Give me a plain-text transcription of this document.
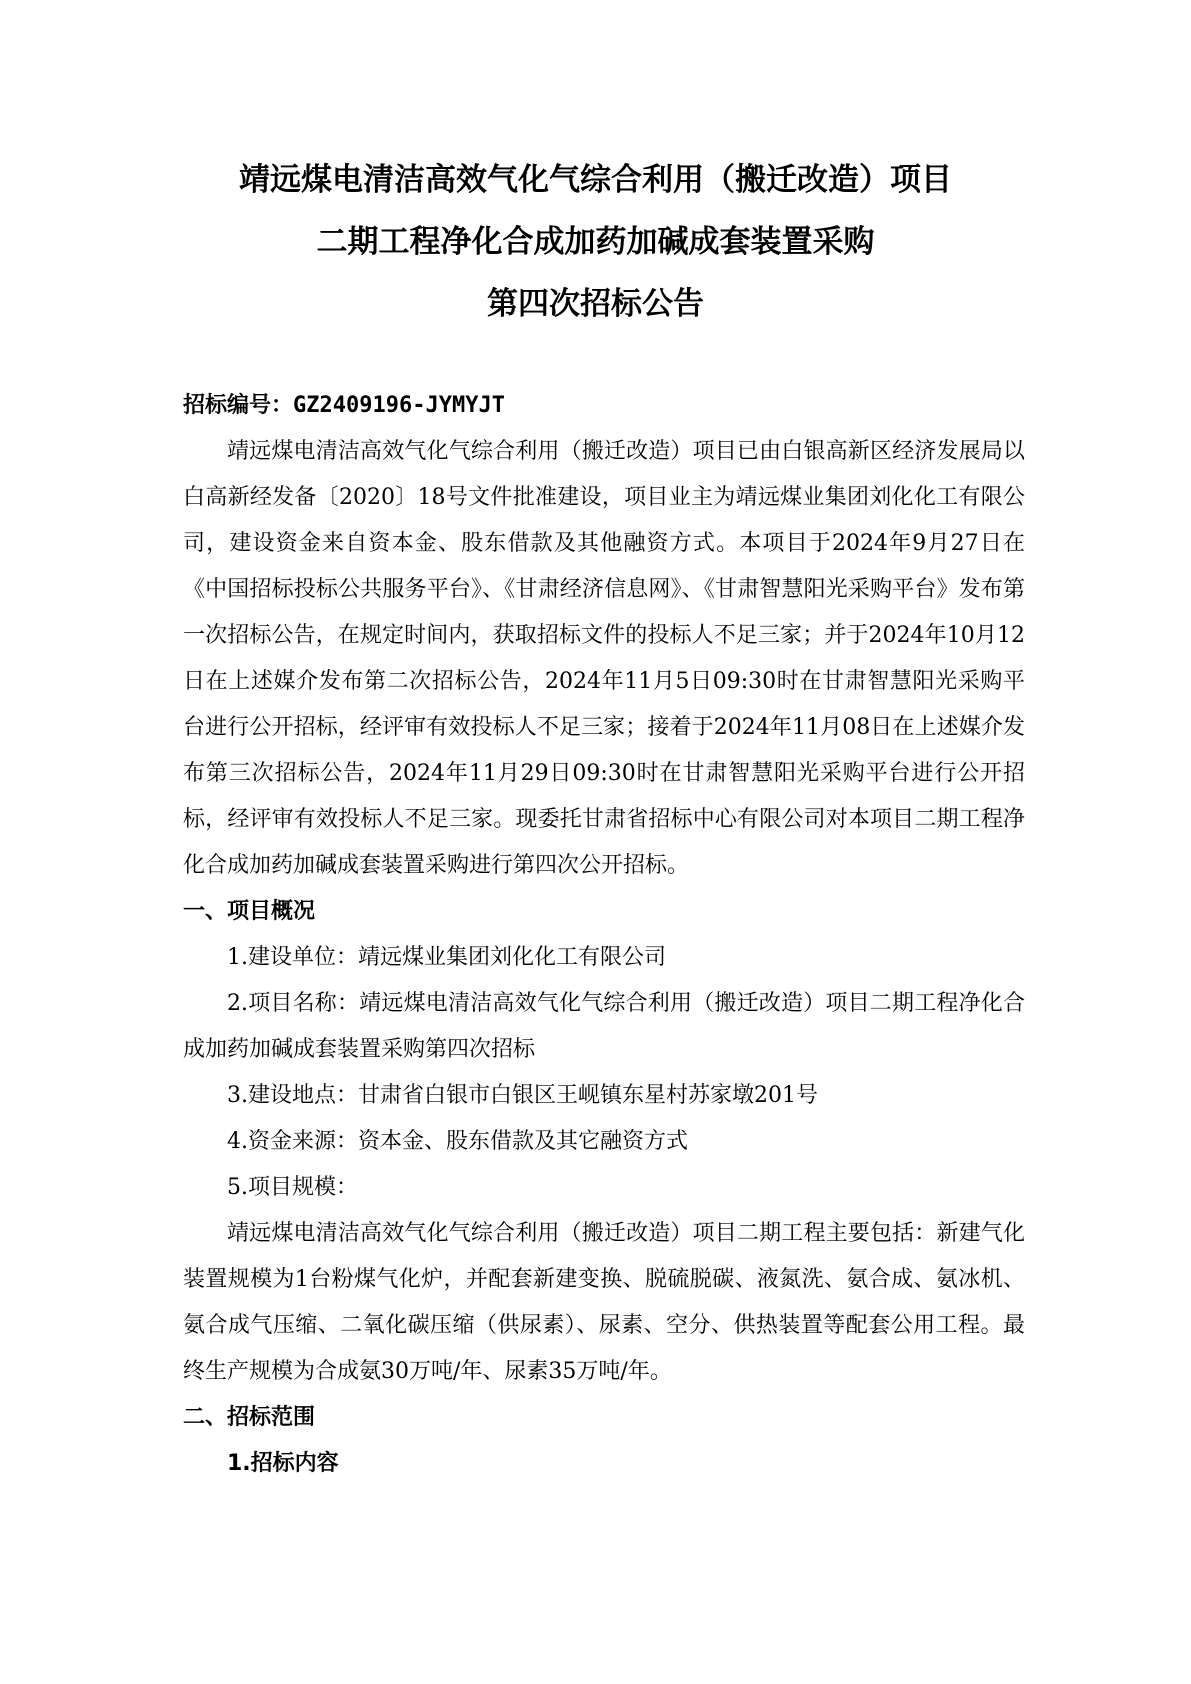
靖远煤电清洁高效气化气综合利用（搬迁改造）项目
二期工程净化合成加药加碱成套装置采购
第四次招标公告

招标编号：GZ2409196-JYMYJT

靖远煤电清洁高效气化气综合利用（搬迁改造）项目已由白银高新区经济发展局以白高新经发备〔2020〕18号文件批准建设，项目业主为靖远煤业集团刘化化工有限公司，建设资金来自资本金、股东借款及其他融资方式。本项目于2024年9月27日在《中国招标投标公共服务平台》、《甘肃经济信息网》、《甘肃智慧阳光采购平台》发布第一次招标公告，在规定时间内，获取招标文件的投标人不足三家；并于2024年10月12日在上述媒介发布第二次招标公告，2024年11月5日09:30时在甘肃智慧阳光采购平台进行公开招标，经评审有效投标人不足三家；接着于2024年11月08日在上述媒介发布第三次招标公告，2024年11月29日09:30时在甘肃智慧阳光采购平台进行公开招标，经评审有效投标人不足三家。现委托甘肃省招标中心有限公司对本项目二期工程净化合成加药加碱成套装置采购进行第四次公开招标。

一、项目概况

1.建设单位：靖远煤业集团刘化化工有限公司

2.项目名称：靖远煤电清洁高效气化气综合利用（搬迁改造）项目二期工程净化合成加药加碱成套装置采购第四次招标

3.建设地点：甘肃省白银市白银区王岘镇东星村苏家墩201号

4.资金来源：资本金、股东借款及其它融资方式

5.项目规模：

靖远煤电清洁高效气化气综合利用（搬迁改造）项目二期工程主要包括：新建气化装置规模为1台粉煤气化炉，并配套新建变换、脱硫脱碳、液氮洗、氨合成、氨冰机、氨合成气压缩、二氧化碳压缩（供尿素）、尿素、空分、供热装置等配套公用工程。最终生产规模为合成氨30万吨/年、尿素35万吨/年。

二、招标范围

1.招标内容
